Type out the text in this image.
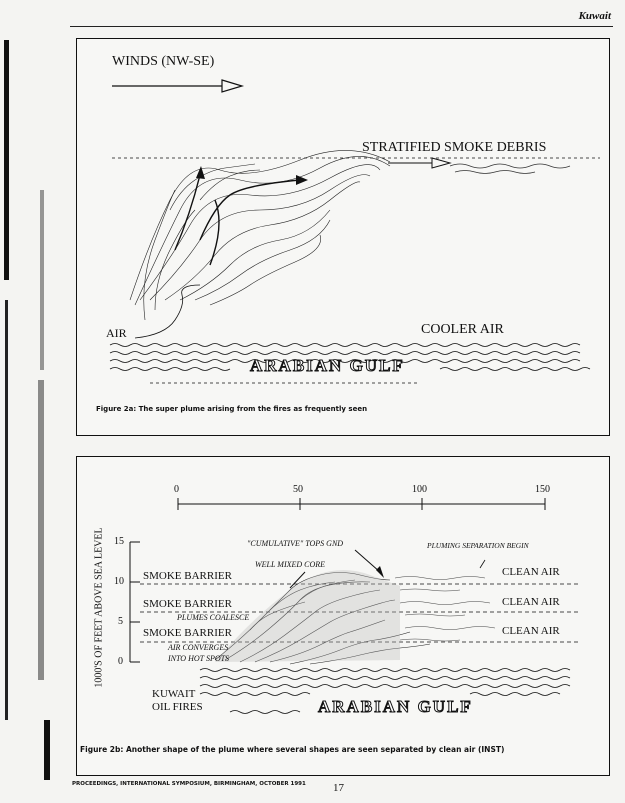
Kuwait
WINDS (NW-SE)
STRATIFIED SMOKE DEBRIS
AIR	COOLER AIR
ARABIAN GULF
Figure 2a: The super plume arising from the fires as frequently seen
0	50	100	150
15
10
5
0
1000'S OF FEET ABOVE SEA LEVEL	SMOKE BARRIER
SMOKE BARRIER
SMOKE BARRIER
CLEAN AIR
CLEAN AIR
CLEAN AIR
"CUMULATIVE" TOPS GND
WELL MIXED CORE
PLUMING SEPARATION BEGIN
PLUMES COALESCE
AIR CONVERGES
INTO HOT SPOTS
KUWAIT
OIL FIRES	ARABIAN GULF
Figure 2b: Another shape of the plume where several shapes are seen separated by clean air (INST)
PROCEEDINGS, INTERNATIONAL SYMPOSIUM, BIRMINGHAM, OCTOBER 1991 17
